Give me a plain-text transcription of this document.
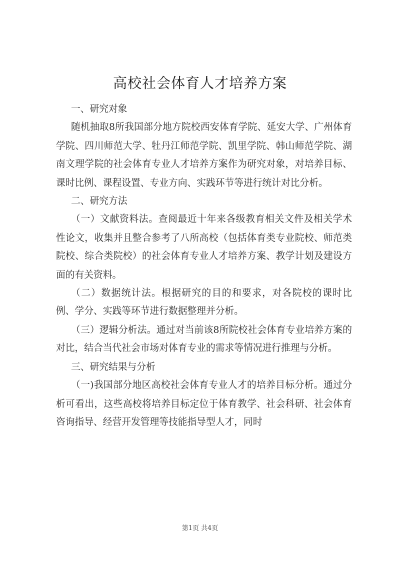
高校社会体育人才培养方案

一、研究对象

随机抽取8所我国部分地方院校西安体育学院、延安大学、广州体育学院、四川师范大学、牡丹江师范学院、凯里学院、韩山师范学院、湖南文理学院的社会体育专业人才培养方案作为研究对象，对培养目标、课时比例、课程设置、专业方向、实践环节等进行统计对比分析。

二、研究方法

（一）文献资料法。查阅最近十年来各级教育相关文件及相关学术性论文，收集并且整合参考了八所高校（包括体育类专业院校、师范类院校、综合类院校）的社会体育专业人才培养方案、教学计划及建设方面的有关资料。

（二）数据统计法。根据研究的目的和要求，对各院校的课时比例、学分、实践等环节进行数据整理并分析。

（三）逻辑分析法。通过对当前该8所院校社会体育专业培养方案的对比，结合当代社会市场对体育专业的需求等情况进行推理与分析。

三、研究结果与分析

（一)我国部分地区高校社会体育专业人才的培养目标分析。通过分析可看出，这些高校将培养目标定位于体育教学、社会科研、社会体育咨询指导、经营开发管理等技能指导型人才，同时

第1页 共4页
